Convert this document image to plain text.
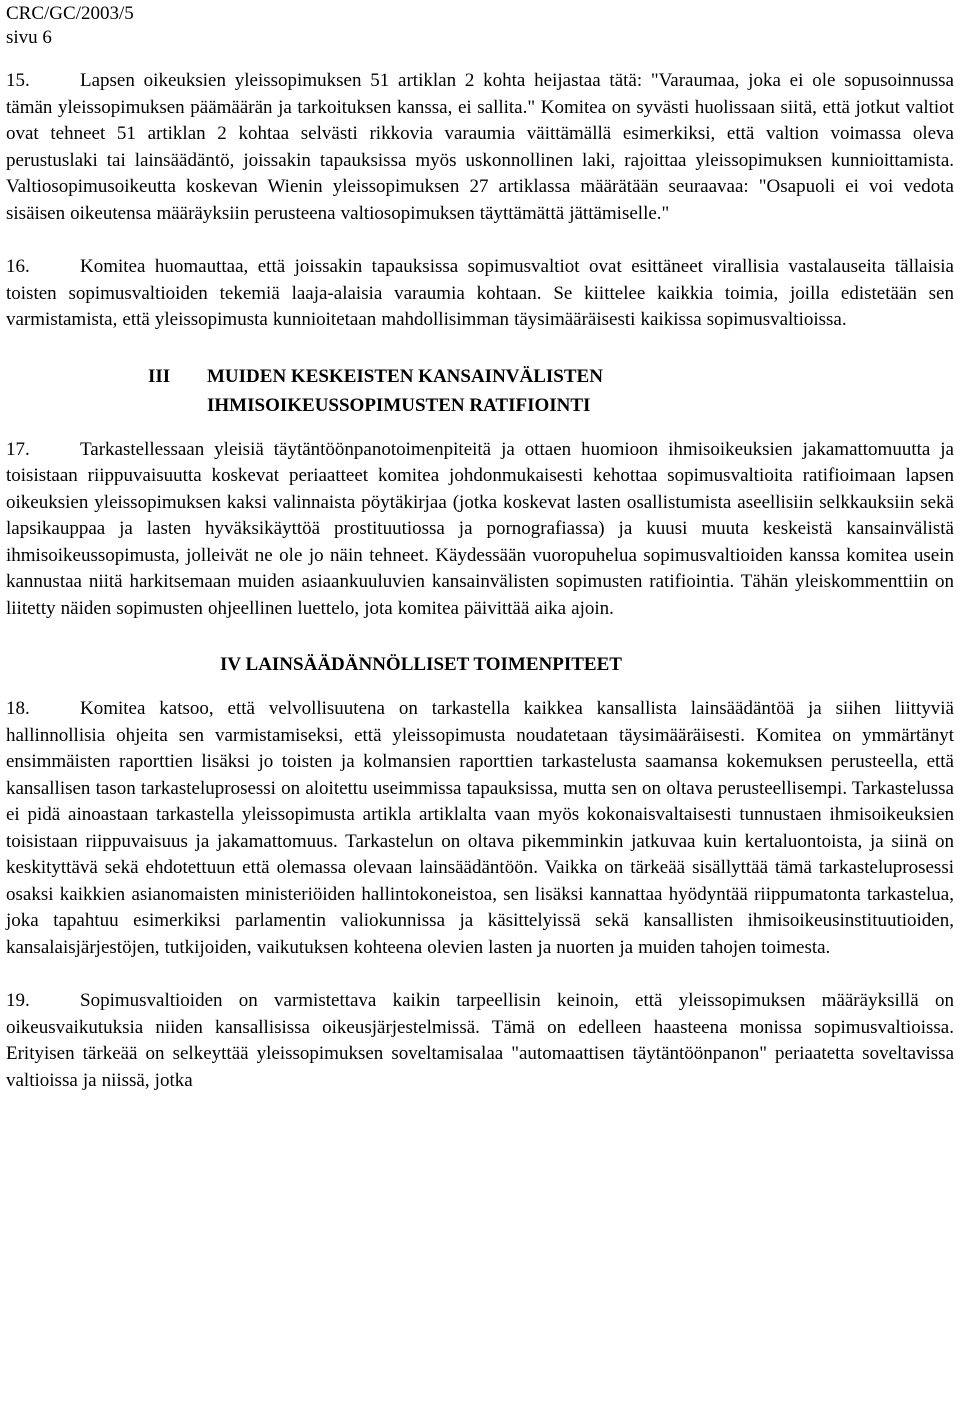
CRC/GC/2003/5
sivu 6

15.	Lapsen oikeuksien yleissopimuksen 51 artiklan 2 kohta heijastaa tätä: "Varaumaa, joka ei ole sopusoinnussa tämän yleissopimuksen päämäärän ja tarkoituksen kanssa, ei sallita." Komitea on syvästi huolissaan siitä, että jotkut valtiot ovat tehneet 51 artiklan 2 kohtaa selvästi rikkovia varaumia väittämällä esimerkiksi, että valtion voimassa oleva perustuslaki tai lainsäädäntö, joissakin tapauksissa myös uskonnollinen laki, rajoittaa yleissopimuksen kunnioittamista. Valtiosopimusoikeutta koskevan Wienin yleissopimuksen 27 artiklassa määrätään seuraavaa: "Osapuoli ei voi vedota sisäisen oikeutensa määräyksiin perusteena valtiosopimuksen täyttämättä jättämiselle."

16.	Komitea huomauttaa, että joissakin tapauksissa sopimusvaltiot ovat esittäneet virallisia vastalauseita tällaisia toisten sopimusvaltioiden tekemiä laaja-alaisia varaumia kohtaan. Se kiittelee kaikkia toimia, joilla edistetään sen varmistamista, että yleissopimusta kunnioitetaan mahdollisimman täysimääräisesti kaikissa sopimusvaltioissa.

III	MUIDEN KESKEISTEN KANSAINVÄLISTEN
IHMISOIKEUSSOPIMUSTEN RATIFIOINTI

17.	Tarkastellessaan yleisiä täytäntöönpanotoimenpiteitä ja ottaen huomioon ihmisoikeuksien jakamattomuutta ja toisistaan riippuvaisuutta koskevat periaatteet komitea johdonmukaisesti kehottaa sopimusvaltioita ratifioimaan lapsen oikeuksien yleissopimuksen kaksi valinnaista pöytäkirjaa (jotka koskevat lasten osallistumista aseellisiin selkkauksiin sekä lapsikauppaa ja lasten hyväksikäyttöä prostituutiossa ja pornografiassa) ja kuusi muuta keskeistä kansainvälistä ihmisoikeussopimusta, jolleivät ne ole jo näin tehneet. Käydessään vuoropuhelua sopimusvaltioiden kanssa komitea usein kannustaa niitä harkitsemaan muiden asiaankuuluvien kansainvälisten sopimusten ratifiointia. Tähän yleiskommenttiin on liitetty näiden sopimusten ohjeellinen luettelo, jota komitea päivittää aika ajoin.

IV LAINSÄÄDÄNNÖLLISET TOIMENPITEET

18.	Komitea katsoo, että velvollisuutena on tarkastella kaikkea kansallista lainsäädäntöä ja siihen liittyviä hallinnollisia ohjeita sen varmistamiseksi, että yleissopimusta noudatetaan täysimääräisesti. Komitea on ymmärtänyt ensimmäisten raporttien lisäksi jo toisten ja kolmansien raporttien tarkastelusta saamansa kokemuksen perusteella, että kansallisen tason tarkasteluprosessi on aloitettu useimmissa tapauksissa, mutta sen on oltava perusteellisempi. Tarkastelussa ei pidä ainoastaan tarkastella yleissopimusta artikla artiklalta vaan myös kokonaisvaltaisesti tunnustaen ihmisoikeuksien toisistaan riippuvaisuus ja jakamattomuus. Tarkastelun on oltava pikemminkin jatkuvaa kuin kertaluontoista, ja siinä on keskityttävä sekä ehdotettuun että olemassa olevaan lainsäädäntöön. Vaikka on tärkeää sisällyttää tämä tarkasteluprosessi osaksi kaikkien asianomaisten ministeriöiden hallintokoneistoa, sen lisäksi kannattaa hyödyntää riippumatonta tarkastelua, joka tapahtuu esimerkiksi parlamentin valiokunnissa ja käsittelyissä sekä kansallisten ihmisoikeusinstituutioiden, kansalaisjärjestöjen, tutkijoiden, vaikutuksen kohteena olevien lasten ja nuorten ja muiden tahojen toimesta.

19.	Sopimusvaltioiden on varmistettava kaikin tarpeellisin keinoin, että yleissopimuksen määräyksillä on oikeusvaikutuksia niiden kansallisissa oikeusjärjestelmissä. Tämä on edelleen haasteena monissa sopimusvaltioissa. Erityisen tärkeää on selkeyttää yleissopimuksen soveltamisalaa "automaattisen täytäntöönpanon" periaatetta soveltavissa valtioissa ja niissä, jotka
